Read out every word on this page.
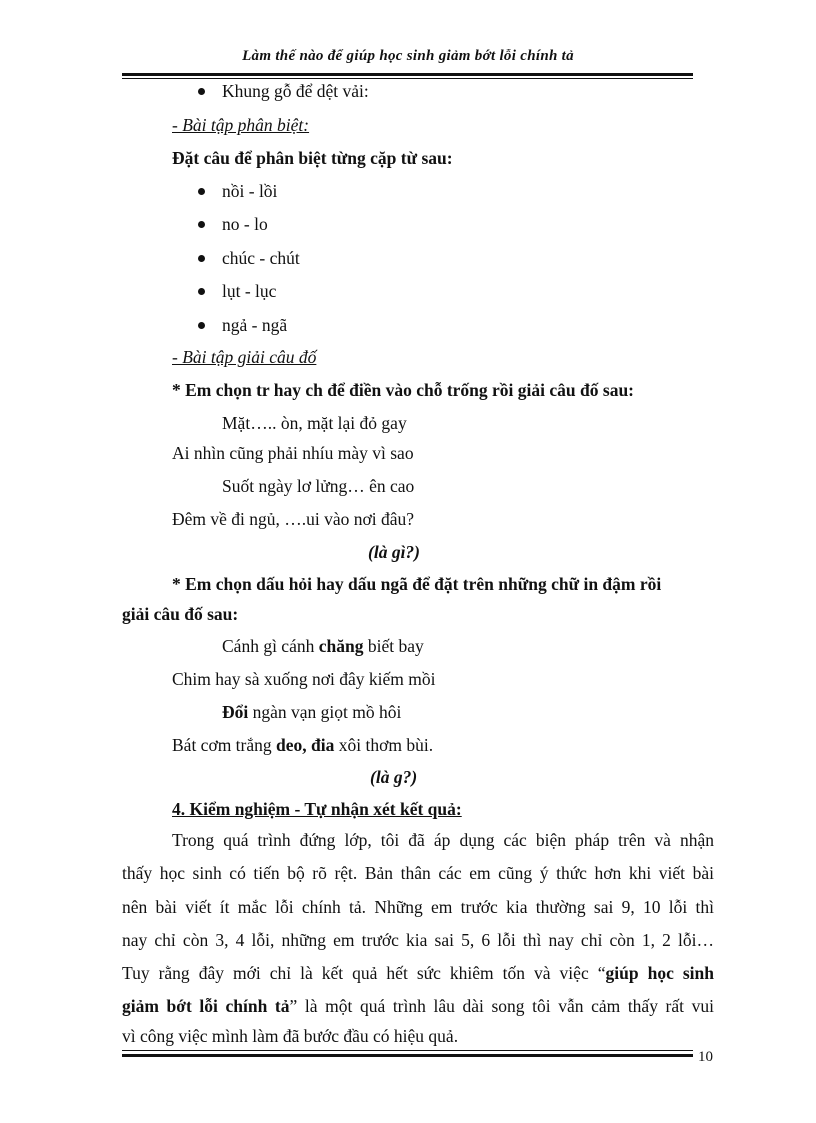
Làm thế nào để giúp học sinh giảm bớt lỗi chính tả
Khung gỗ để dệt vải:
- Bài tập phân biệt:
Đặt câu để phân biệt từng cặp từ sau:
nồi - lồi
no - lo
chúc - chút
lụt - lục
ngả - ngã
- Bài tập giải câu đố
* Em chọn tr hay ch để điền vào chỗ trống rồi giải câu đố sau:
Mặt….. òn, mặt lại đỏ gay
Ai nhìn cũng phải nhíu mày vì sao
Suốt ngày lơ lửng… ên cao
Đêm về đi ngủ, ….ui vào nơi đâu?
(là gì?)
* Em chọn dấu hỏi hay dấu ngã để đặt trên những chữ in đậm rồi
giải câu đố sau:
Cánh gì cánh chăng biết bay
Chim hay sà xuống nơi đây kiếm mồi
Đổi ngàn vạn giọt mồ hôi
Bát cơm trắng deo, đia xôi thơm bùi.
(là g?)
4. Kiểm nghiệm - Tự nhận xét kết quả:
Trong quá trình đứng lớp, tôi đã áp dụng các biện pháp trên và nhận
thấy học sinh có tiến bộ rõ rệt. Bản thân các em cũng ý thức hơn khi viết bài
nên bài viết ít mắc lỗi chính tả. Những em trước kia thường sai 9, 10 lỗi thì
nay chỉ còn 3, 4 lỗi, những em trước kia sai 5, 6 lỗi thì nay chỉ còn 1, 2 lỗi…
Tuy rằng đây mới chỉ là kết quả hết sức khiêm tốn và việc “giúp học sinh
giảm bớt lỗi chính tả” là một quá trình lâu dài song tôi vẫn cảm thấy rất vui
vì công việc mình làm đã bước đầu có hiệu quả.
10
